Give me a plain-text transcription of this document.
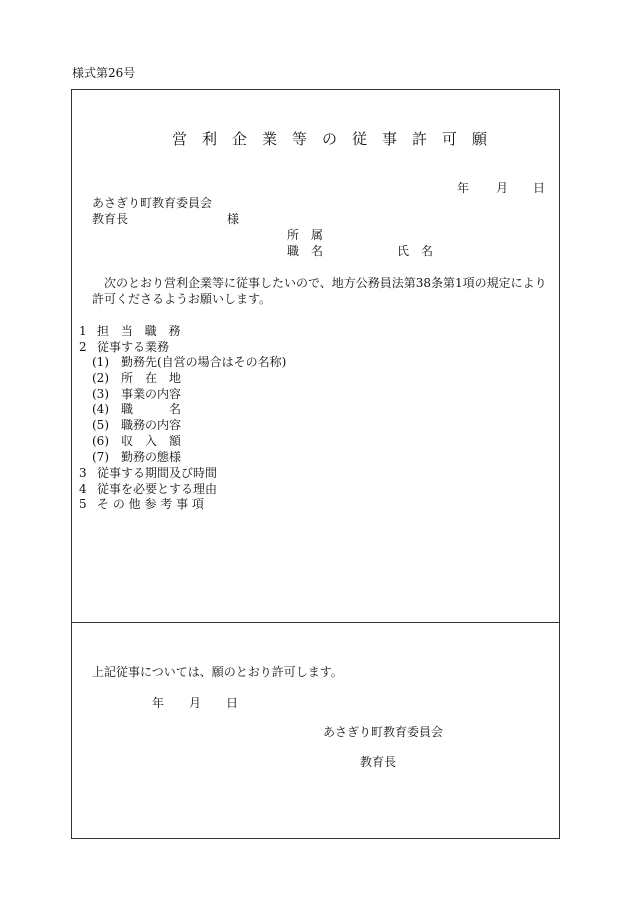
様式第26号
営利企業等の従事許可願
年 月 日
あさぎり町教育委員会
教育長	様
所　属
職　名	氏　名
次のとおり営利企業等に従事したいので、地方公務員法第38条第1項の規定により
許可くださるようお願いします。
1 担 当 職 務
2 従事する業務
(1) 勤務先(自営の場合はその名称)
(2) 所　在　地
(3) 事業の内容
(4) 職　　　名
(5) 職務の内容
(6) 収　入　額
(7) 勤務の態様
3 従事する期間及び時間
4 従事を必要とする理由
5 そ の 他 参 考 事 項
上記従事については、願のとおり許可します。
年 月 日
あさぎり町教育委員会
教育長
